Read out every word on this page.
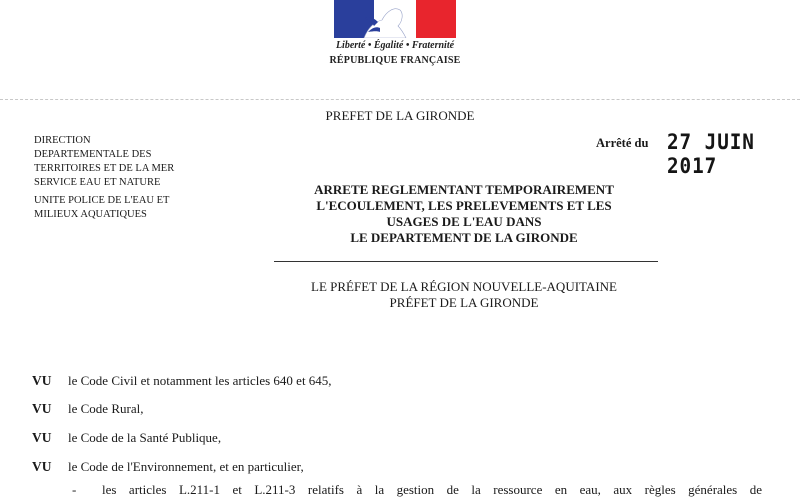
Liberté • Égalité • Fraternité
RÉPUBLIQUE FRANÇAISE
PREFET DE LA GIRONDE
DIRECTION
DEPARTEMENTALE DES
TERRITOIRES ET DE LA MER
SERVICE EAU ET NATURE
UNITE POLICE DE L'EAU ET
MILIEUX AQUATIQUES
Arrêté du 27 JUIN 2017
ARRETE REGLEMENTANT TEMPORAIREMENT
L'ECOULEMENT, LES PRELEVEMENTS ET LES
USAGES DE L'EAU DANS
LE DEPARTEMENT DE LA GIRONDE
LE PRÉFET DE LA RÉGION NOUVELLE-AQUITAINE
PRÉFET DE LA GIRONDE
VU le Code Civil et notamment les articles 640 et 645,
VU le Code Rural,
VU le Code de la Santé Publique,
VU le Code de l'Environnement, et en particulier,
- les articles L.211-1 et L.211-3 relatifs à la gestion de la ressource en eau, aux règles générales de
